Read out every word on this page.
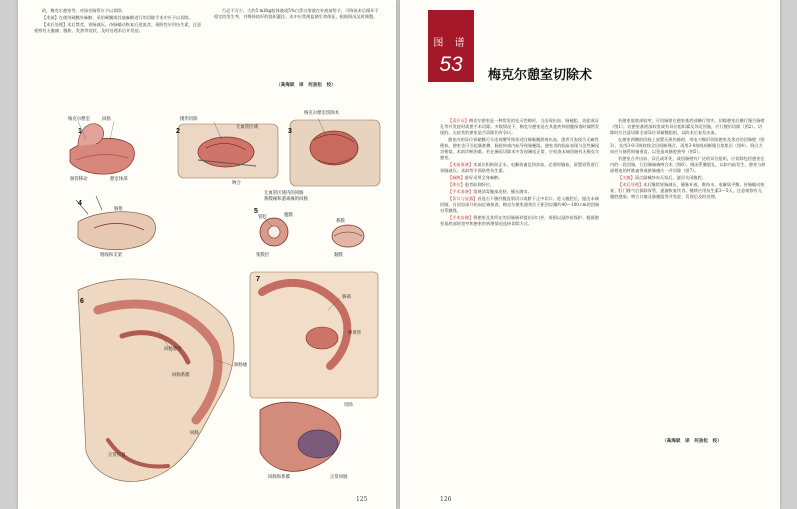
的，梅克尔憩室等，对绿壳肠管应予以切除。

【术前】在使用硬膜外麻醉、采用硬膜或其他麻醉进行的切除手术中应予以切除。

【术后处理】术后禁食，胃肠减压，待肠蠕动恢复后进流食。预防性应用抗生素，注意观察有无腹痛、腹胀、发热等症状，及时处理术后并发症。

行必不可少。大约5 ml/kg胶体液或5%白蛋白溶液在补液前给予，可降低术后循环不稳定的发生率，并维持较好的组织灌注。术中应常规监测生命体征，根据情况及时调整。

（高海斌　译　何劲松　校）
1	2	3
4
5
6
7
梅克尔憩室	回肠
肠管移动	憩室体部
楔形切除
吻合
无血管区域
梅克尔憩室切除术
无血管区域内的回肠
系膜缘和游离缘的回肠
肠钳
缝线和支架
管腔	腹膜
系膜
浆膜层	黏膜
回肠憩室
回肠系膜
回肠
脐肠瘘
正常位置
脐部
卵黄管
切除
回肠和系膜	正常回肠
125
图 谱
53	梅克尔憩室切除术

【适应证】梅克尔憩室是一种常见的先天性畸形，当出现出血、肠梗阻、炎症或穿孔等并发症时需要手术切除。多数情况下，梅克尔憩室是在其他疾病剖腹探查时偶然发现的。无症状的憩室是否切除仍有争议。

憩室内的异位胃黏膜可分泌胃酸导致邻近回肠黏膜溃疡出血，患者可表现为无痛性便血。憩室也可引起肠套叠、肠扭转或内疝导致肠梗阻。憩室炎的临床表现与急性阑尾炎相似，术前诊断困难。若在阑尾切除术中发现阑尾正常，应检查末端回肠有无梅克尔憩室。

【术前准备】术前应积极纠正水、电解质紊乱和贫血，必要时输血。留置胃管进行胃肠减压，术前给予预防性抗生素。

【麻醉】最好采用全身麻醉。

【体位】患者取仰卧位。

【手术准备】常规消毒腹部皮肤，铺无菌巾。

【切口与显露】首选右下腹经腹直肌切口或脐下正中切口。进入腹腔后，提出末端回肠，自回盲部开始向近端探查，梅克尔憩室通常位于距回盲瓣约40～100 cm的回肠对系膜缘。

【手术步骤】将憩室及其所在的回肠肠袢提出切口外，周围以湿纱布保护。根据憩室基底部的宽窄和憩室的病理情况选择切除方式。

若憩室基底部较窄，可用肠钳在憩室基底部横行钳夹，切除憩室后横行缝合肠壁（图1）。若憩室基底部较宽或有异位组织累及邻近回肠，应行楔形切除（图2）。切除时应注意切除全部异位胃黏膜组织，以防术后复发出血。

在憩室两侧的回肠上放置无损伤肠钳，用电刀楔形切除憩室及邻近的回肠壁（图3）。先用3-0可吸收线全层间断缝合，再用3-0丝线间断缝合浆肌层（图4）。缝合方向应与肠管纵轴垂直，以免造成肠腔狭窄（图5）。

若憩室合并出血、穿孔或坏死，或回肠壁有广泛的异位组织，应切除包括憩室在内的一段回肠，行回肠端端吻合术（图6）。缝闭系膜裂孔，以防内疝发生。憩室与脐部相连的纤维索带或脐肠瘘应一并切除（图7）。

【关腹】清点器械纱布无误后，逐层关闭腹腔。

【术后处理】术后继续胃肠减压，静脉补液，维持水、电解质平衡。待肠蠕动恢复、肛门排气后拔除胃管，逐渐恢复饮食。继续应用抗生素3～5天。注意观察有无腹腔感染、吻合口瘘及肠梗阻等并发症，发现后及时处理。

（高海斌　译　何劲松　校）
126
